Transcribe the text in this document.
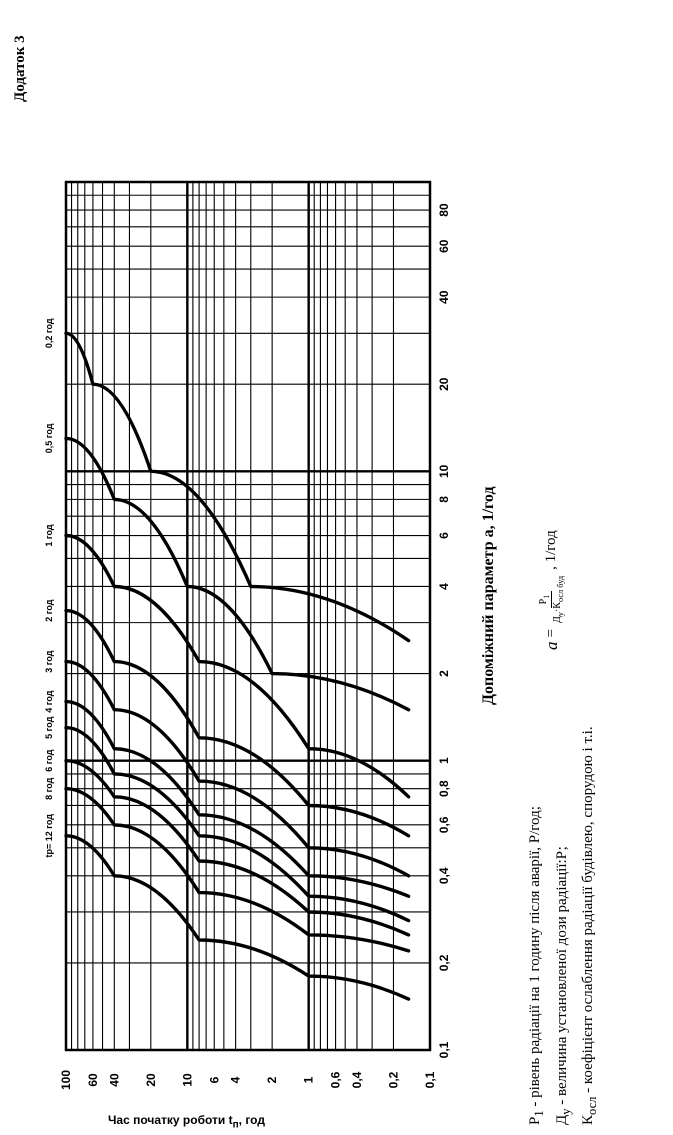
0,1
0,2
0,4
0,6
0,8
1
2
4
6
8
10
20
40
60
80
100 60 40 20 10 6 4 2 1 0,6 0,4 0,2 0,1
0,2 год
0,5 год
1 год
2 год
3 год
4 год
5 год
6 год
8 год
tр= 12 год
Додаток 3
Допоміжний параметр а, 1/год
Час початку роботи $t_п$, год	$P_1$ - рівень радіації на 1 годину після аварії, Р/год;
$Д_у$ - величина установленої дози радіації:Р;
$К_{осл}$ - коефіцієнт ослаблення радіації будівлею, спорудою і т.і.
a
=
$P_1$
$Д_у\cdot К_{осл буд}$
, 1/год
